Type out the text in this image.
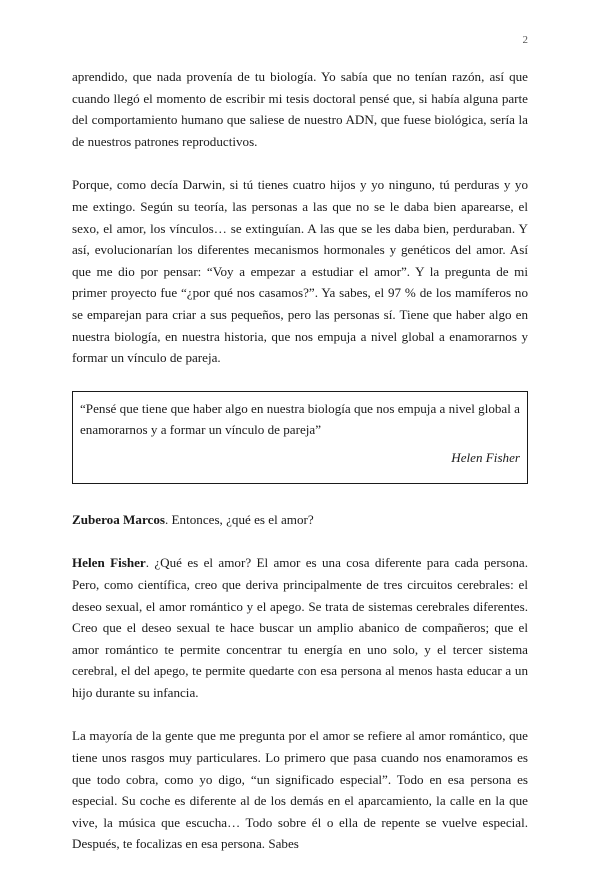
2

aprendido, que nada provenía de tu biología. Yo sabía que no tenían razón, así que cuando llegó el momento de escribir mi tesis doctoral pensé que, si había alguna parte del comportamiento humano que saliese de nuestro ADN, que fuese biológica, sería la de nuestros patrones reproductivos.

Porque, como decía Darwin, si tú tienes cuatro hijos y yo ninguno, tú perduras y yo me extingo. Según su teoría, las personas a las que no se le daba bien aparearse, el sexo, el amor, los vínculos… se extinguían. A las que se les daba bien, perduraban. Y así, evolucionarían los diferentes mecanismos hormonales y genéticos del amor. Así que me dio por pensar: “Voy a empezar a estudiar el amor”. Y la pregunta de mi primer proyecto fue “¿por qué nos casamos?”. Ya sabes, el 97 % de los mamíferos no se emparejan para criar a sus pequeños, pero las personas sí. Tiene que haber algo en nuestra biología, en nuestra historia, que nos empuja a nivel global a enamorarnos y formar un vínculo de pareja.

“Pensé que tiene que haber algo en nuestra biología que nos empuja a nivel global a enamorarnos y a formar un vínculo de pareja”

Helen Fisher

Zuberoa Marcos. Entonces, ¿qué es el amor?

Helen Fisher. ¿Qué es el amor? El amor es una cosa diferente para cada persona. Pero, como científica, creo que deriva principalmente de tres circuitos cerebrales: el deseo sexual, el amor romántico y el apego. Se trata de sistemas cerebrales diferentes. Creo que el deseo sexual te hace buscar un amplio abanico de compañeros; que el amor romántico te permite concentrar tu energía en uno solo, y el tercer sistema cerebral, el del apego, te permite quedarte con esa persona al menos hasta educar a un hijo durante su infancia.

La mayoría de la gente que me pregunta por el amor se refiere al amor romántico, que tiene unos rasgos muy particulares. Lo primero que pasa cuando nos enamoramos es que todo cobra, como yo digo, “un significado especial”. Todo en esa persona es especial. Su coche es diferente al de los demás en el aparcamiento, la calle en la que vive, la música que escucha… Todo sobre él o ella de repente se vuelve especial. Después, te focalizas en esa persona. Sabes
